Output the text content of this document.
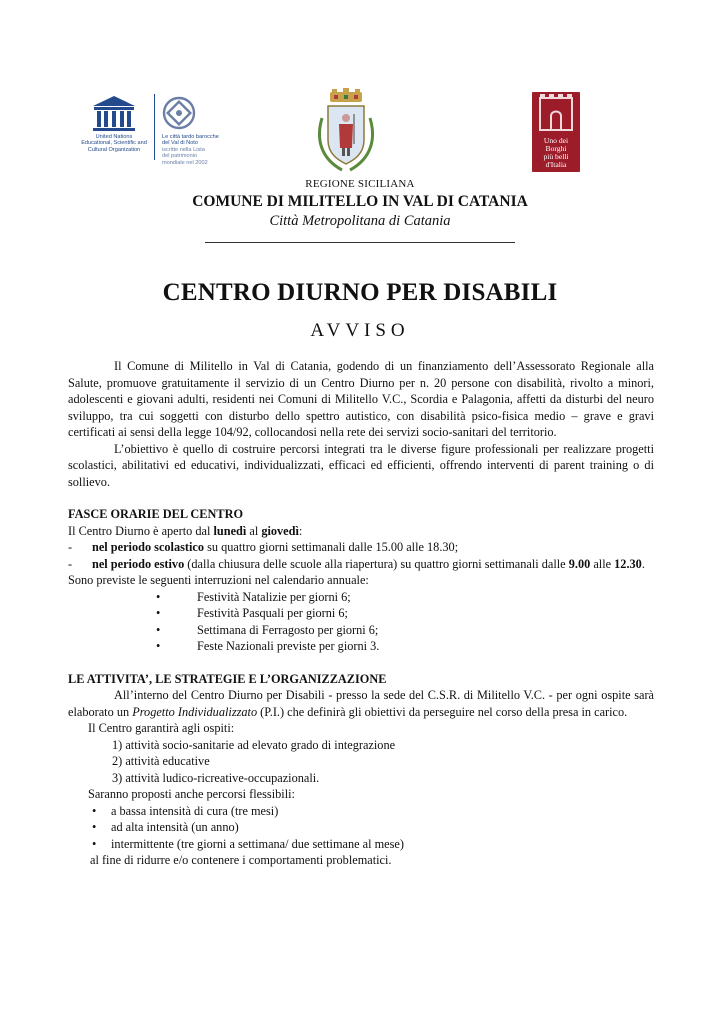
United Nations
Educational, Scientific and
Cultural Organization
Le città tardo barocche
del Val di Noto
iscritte nella Lista
del patrimonio
mondiale nel 2002
Uno dei
Borghi
più belli
d'Italia
REGIONE SICILIANA
COMUNE DI MILITELLO IN VAL DI CATANIA
Città Metropolitana di Catania
CENTRO DIURNO PER DISABILI
AVVISO

Il Comune di Militello in Val di Catania, godendo di un finanziamento dell’Assessorato Regionale alla Salute, promuove gratuitamente il servizio di un Centro Diurno per n. 20 persone con disabilità, rivolto a minori, adolescenti e giovani adulti, residenti nei Comuni di Militello V.C., Scordia e Palagonia, affetti da disturbi del neuro sviluppo, tra cui soggetti con disturbo dello spettro autistico, con disabilità psico-fisica medio – grave e gravi certificati ai sensi della legge 104/92, collocandosi nella rete dei servizi socio-sanitari del territorio.

L’obiettivo è quello di costruire percorsi integrati tra le diverse figure professionali per realizzare progetti scolastici, abilitativi ed educativi, individualizzati, efficaci ed efficienti, offrendo interventi di parent training o di sollievo.

FASCE ORARIE DEL CENTRO
Il Centro Diurno è aperto dal lunedì al giovedì:
- nel periodo scolastico su quattro giorni settimanali dalle 15.00 alle 18.30;
- nel periodo estivo (dalla chiusura delle scuole alla riapertura) su quattro giorni settimanali dalle 9.00 alle 12.30.
Sono previste le seguenti interruzioni nel calendario annuale:
•	Festività Natalizie per giorni 6;
•	Festività Pasquali per giorni 6;
•	Settimana di Ferragosto per giorni 6;
•	Feste Nazionali previste per giorni 3.
LE ATTIVITA’, LE STRATEGIE E L’ORGANIZZAZIONE

All’interno del Centro Diurno per Disabili - presso la sede del C.S.R. di Militello V.C. - per ogni ospite sarà elaborato un Progetto Individualizzato (P.I.) che definirà gli obiettivi da perseguire nel corso della presa in carico.

Il Centro garantirà agli ospiti:
1) attività socio-sanitarie ad elevato grado di integrazione
2) attività educative
3) attività ludico-ricreative-occupazionali.
Saranno proposti anche percorsi flessibili:
• a bassa intensità di cura (tre mesi)
• ad alta intensità (un anno)
• intermittente (tre giorni a settimana/ due settimane al mese)
al fine di ridurre e/o contenere i comportamenti problematici.
